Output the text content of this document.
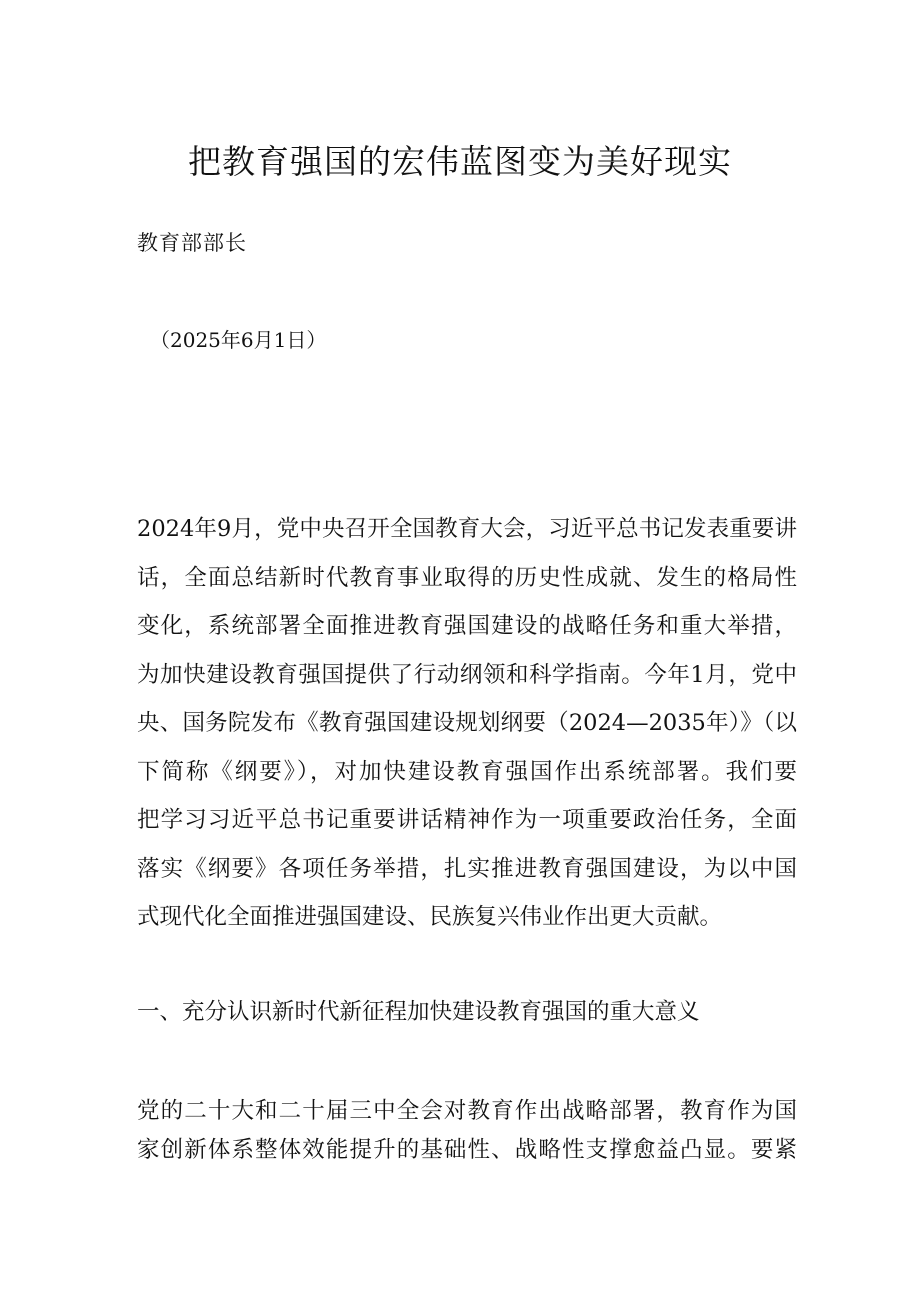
把教育强国的宏伟蓝图变为美好现实
教育部部长
（2025年6月1日）
2024年9月，党中央召开全国教育大会，习近平总书记发表重要讲
话，全面总结新时代教育事业取得的历史性成就、发生的格局性
变化，系统部署全面推进教育强国建设的战略任务和重大举措，
为加快建设教育强国提供了行动纲领和科学指南。今年1月，党中
央、国务院发布《教育强国建设规划纲要（2024—2035年）》（以
下简称《纲要》），对加快建设教育强国作出系统部署。我们要
把学习习近平总书记重要讲话精神作为一项重要政治任务，全面
落实《纲要》各项任务举措，扎实推进教育强国建设，为以中国
式现代化全面推进强国建设、民族复兴伟业作出更大贡献。
一、充分认识新时代新征程加快建设教育强国的重大意义
党的二十大和二十届三中全会对教育作出战略部署，教育作为国
家创新体系整体效能提升的基础性、战略性支撑愈益凸显。要紧
